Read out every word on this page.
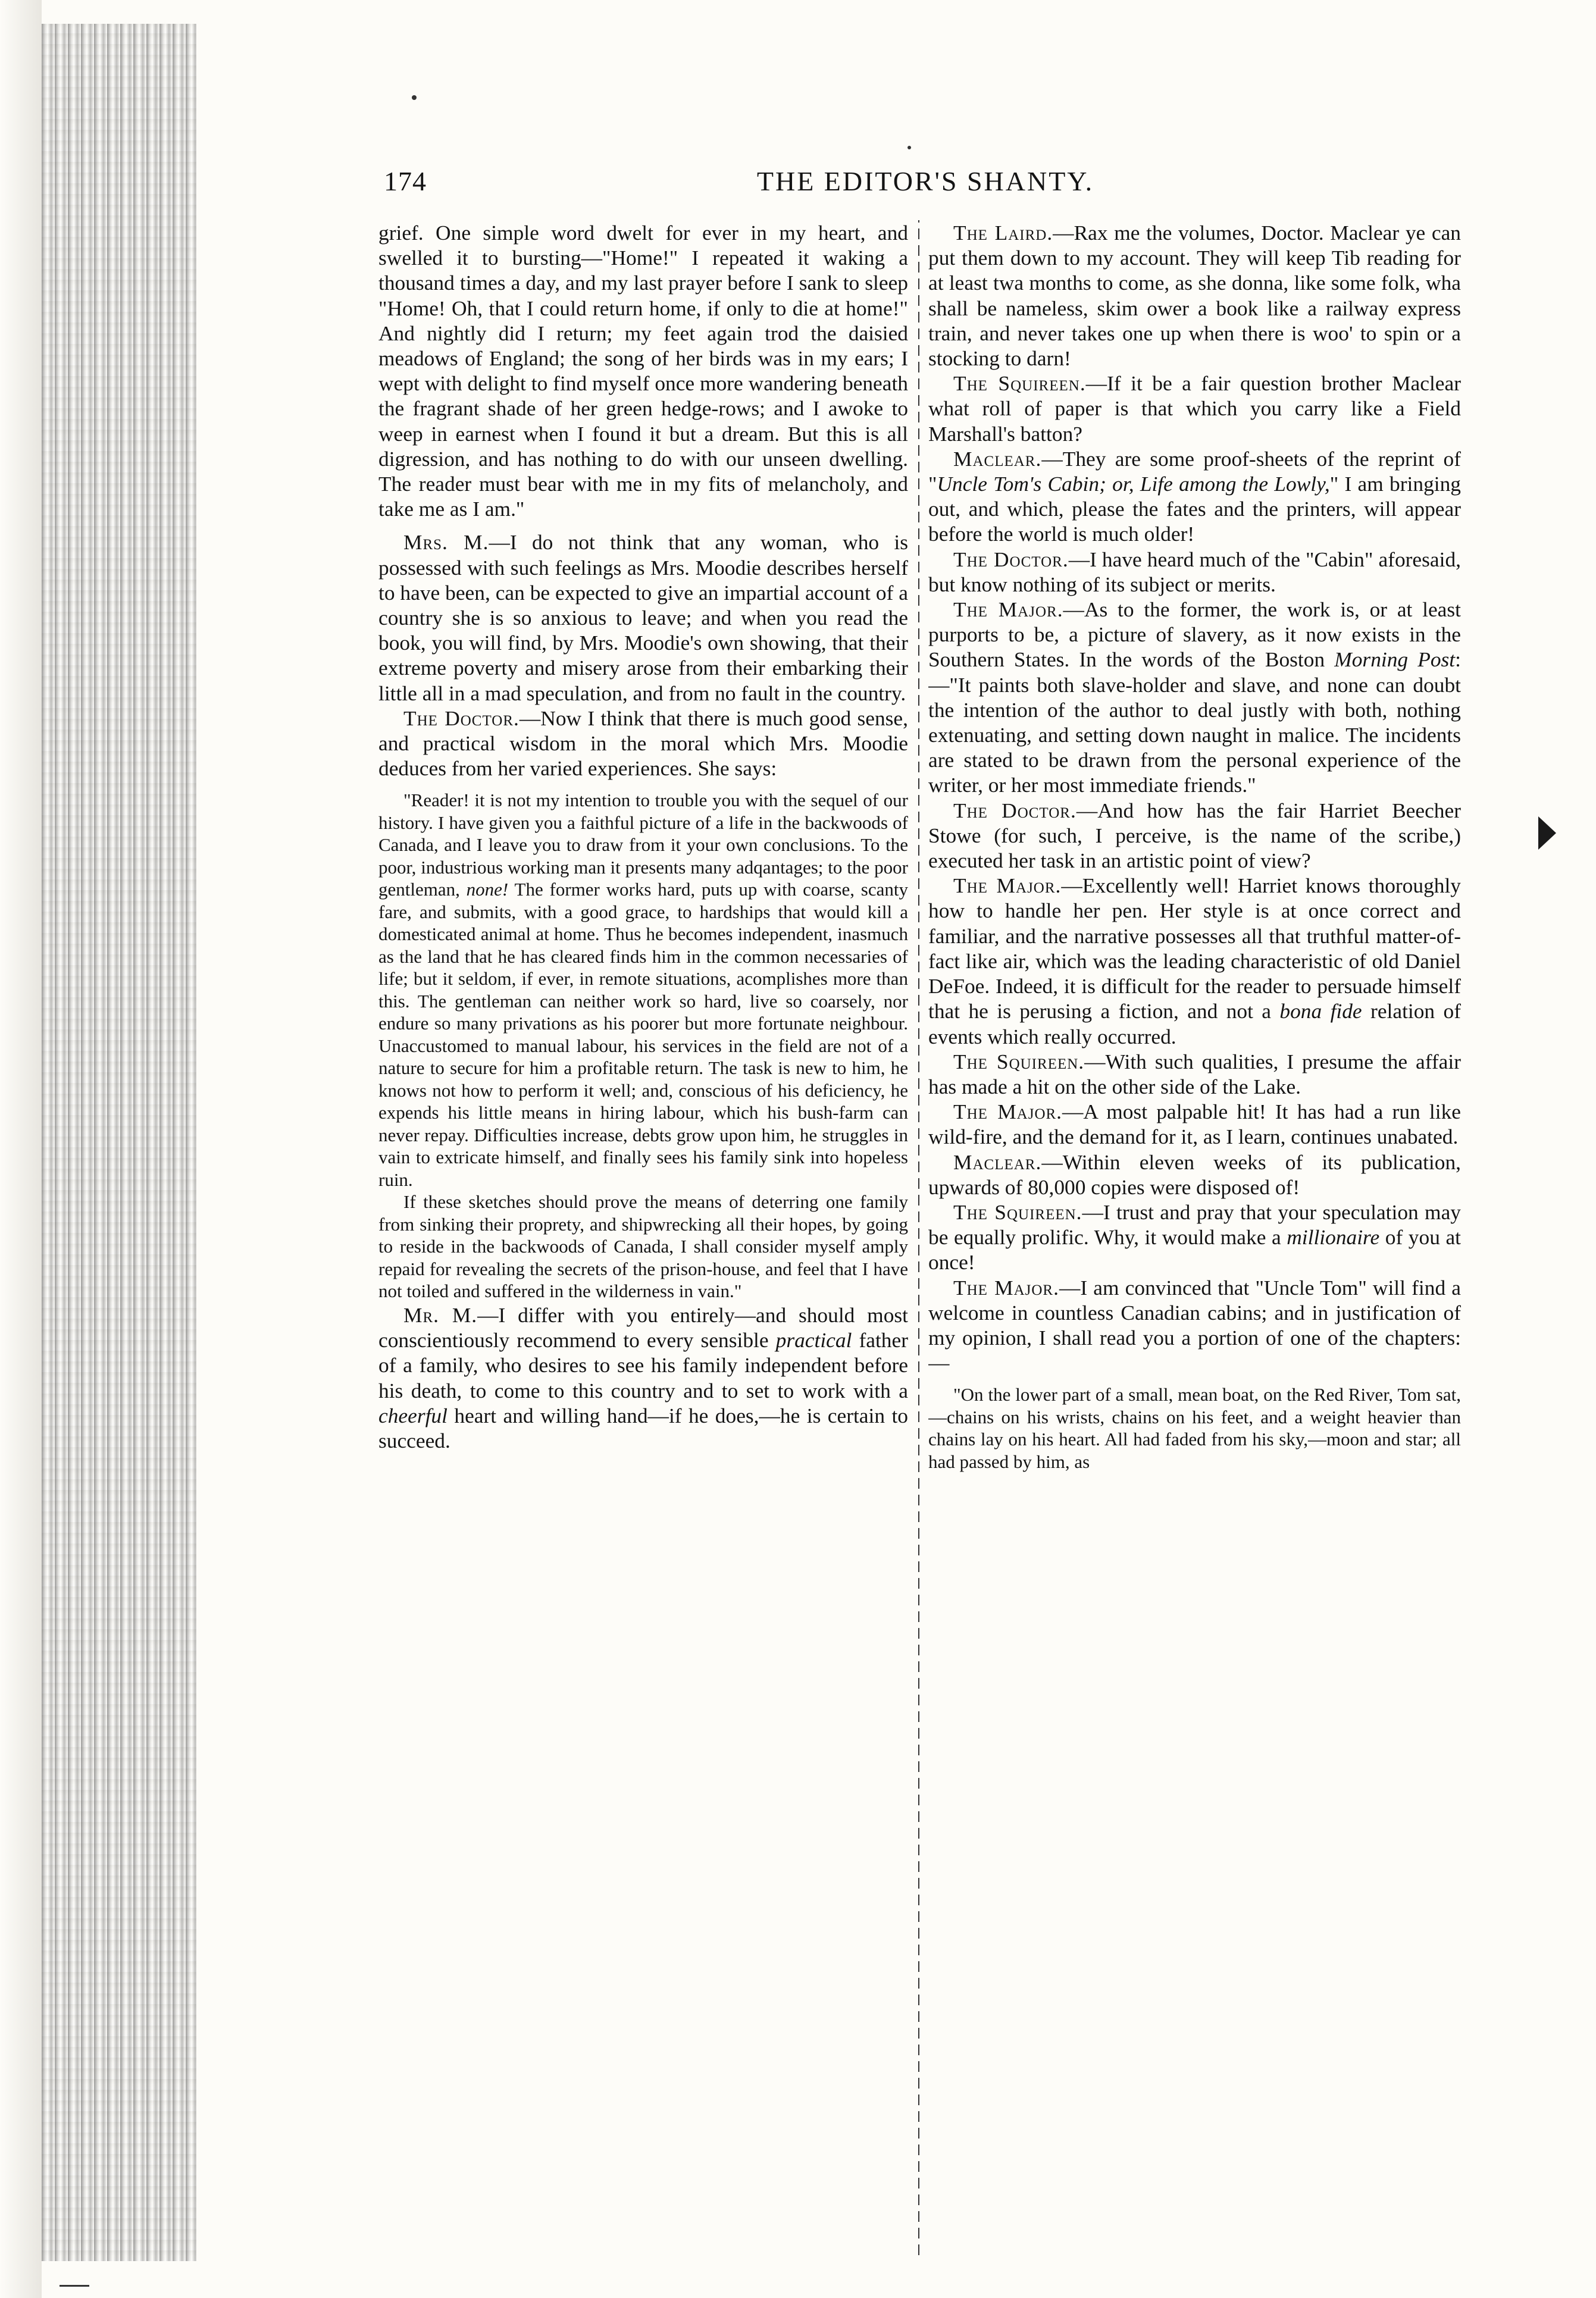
174	THE EDITOR'S SHANTY.

grief. One simple word dwelt for ever in my heart, and swelled it to bursting—"Home!" I repeated it waking a thousand times a day, and my last prayer before I sank to sleep "Home! Oh, that I could return home, if only to die at home!" And nightly did I return; my feet again trod the daisied meadows of England; the song of her birds was in my ears; I wept with delight to find myself once more wandering beneath the fragrant shade of her green hedge-rows; and I awoke to weep in earnest when I found it but a dream. But this is all digression, and has nothing to do with our unseen dwelling. The reader must bear with me in my fits of melancholy, and take me as I am."

Mrs. M.—I do not think that any woman, who is possessed with such feelings as Mrs. Moodie describes herself to have been, can be expected to give an impartial account of a country she is so anxious to leave; and when you read the book, you will find, by Mrs. Moodie's own showing, that their extreme poverty and misery arose from their embarking their little all in a mad speculation, and from no fault in the country.

The Doctor.—Now I think that there is much good sense, and practical wisdom in the moral which Mrs. Moodie deduces from her varied experiences. She says:

"Reader! it is not my intention to trouble you with the sequel of our history. I have given you a faithful picture of a life in the backwoods of Canada, and I leave you to draw from it your own conclusions. To the poor, industrious working man it presents many adqantages; to the poor gentleman, none! The former works hard, puts up with coarse, scanty fare, and submits, with a good grace, to hardships that would kill a domesticated animal at home. Thus he becomes independent, inasmuch as the land that he has cleared finds him in the common necessaries of life; but it seldom, if ever, in remote situations, acomplishes more than this. The gentleman can neither work so hard, live so coarsely, nor endure so many privations as his poorer but more fortunate neighbour. Unaccustomed to manual labour, his services in the field are not of a nature to secure for him a profitable return. The task is new to him, he knows not how to perform it well; and, conscious of his deficiency, he expends his little means in hiring labour, which his bush-farm can never repay. Difficulties increase, debts grow upon him, he struggles in vain to extricate himself, and finally sees his family sink into hopeless ruin.

If these sketches should prove the means of deterring one family from sinking their proprety, and shipwrecking all their hopes, by going to reside in the backwoods of Canada, I shall consider myself amply repaid for revealing the secrets of the prison-house, and feel that I have not toiled and suffered in the wilderness in vain."

Mr. M.—I differ with you entirely—and should most conscientiously recommend to every sensible practical father of a family, who desires to see his family independent before his death, to come to this country and to set to work with a cheerful heart and willing hand—if he does,—he is certain to succeed.

The Laird.—Rax me the volumes, Doctor. Maclear ye can put them down to my account. They will keep Tib reading for at least twa months to come, as she donna, like some folk, wha shall be nameless, skim ower a book like a railway express train, and never takes one up when there is woo' to spin or a stocking to darn!

The Squireen.—If it be a fair question brother Maclear what roll of paper is that which you carry like a Field Marshall's batton?

Maclear.—They are some proof-sheets of the reprint of "Uncle Tom's Cabin; or, Life among the Lowly," I am bringing out, and which, please the fates and the printers, will appear before the world is much older!

The Doctor.—I have heard much of the "Cabin" aforesaid, but know nothing of its subject or merits.

The Major.—As to the former, the work is, or at least purports to be, a picture of slavery, as it now exists in the Southern States. In the words of the Boston Morning Post:—"It paints both slave-holder and slave, and none can doubt the intention of the author to deal justly with both, nothing extenuating, and setting down naught in malice. The incidents are stated to be drawn from the personal experience of the writer, or her most immediate friends."

The Doctor.—And how has the fair Harriet Beecher Stowe (for such, I perceive, is the name of the scribe,) executed her task in an artistic point of view?

The Major.—Excellently well! Harriet knows thoroughly how to handle her pen. Her style is at once correct and familiar, and the narrative possesses all that truthful matter-of-fact like air, which was the leading characteristic of old Daniel DeFoe. Indeed, it is difficult for the reader to persuade himself that he is perusing a fiction, and not a bona fide relation of events which really occurred.

The Squireen.—With such qualities, I presume the affair has made a hit on the other side of the Lake.

The Major.—A most palpable hit! It has had a run like wild-fire, and the demand for it, as I learn, continues unabated.

Maclear.—Within eleven weeks of its publication, upwards of 80,000 copies were disposed of!

The Squireen.—I trust and pray that your speculation may be equally prolific. Why, it would make a millionaire of you at once!

The Major.—I am convinced that "Uncle Tom" will find a welcome in countless Canadian cabins; and in justification of my opinion, I shall read you a portion of one of the chapters:—

"On the lower part of a small, mean boat, on the Red River, Tom sat,—chains on his wrists, chains on his feet, and a weight heavier than chains lay on his heart. All had faded from his sky,—moon and star; all had passed by him, as
